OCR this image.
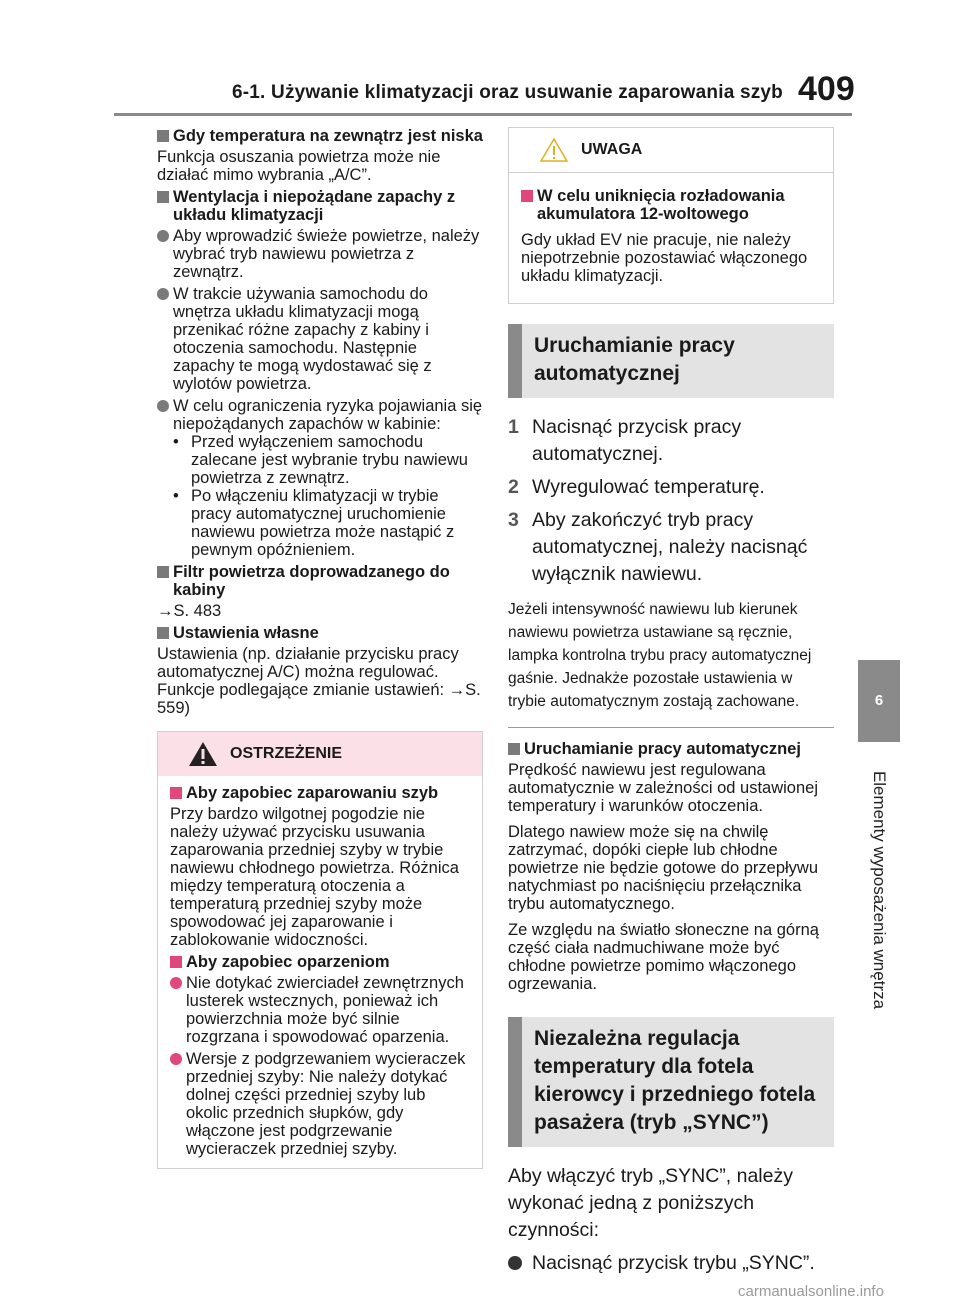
6-1. Używanie klimatyzacji oraz usuwanie zaparowania szyb 409
6
Elementy wyposażenia wnętrza
Gdy temperatura na zewnątrz jest niska
Funkcja osuszania powietrza może nie działać mimo wybrania „A/C”.
Wentylacja i niepożądane zapachy z układu klimatyzacji
Aby wprowadzić świeże powietrze, należy wybrać tryb nawiewu powietrza z zewnątrz.
W trakcie używania samochodu do wnętrza układu klimatyzacji mogą przenikać różne zapachy z kabiny i otoczenia samochodu. Następnie zapachy te mogą wydostawać się z wylotów powietrza.
W celu ograniczenia ryzyka pojawiania się niepożądanych zapachów w kabinie:
• Przed wyłączeniem samochodu zalecane jest wybranie trybu nawiewu powietrza z zewnątrz.
• Po włączeniu klimatyzacji w trybie pracy automatycznej uruchomienie nawiewu powietrza może nastąpić z pewnym opóźnieniem.
Filtr powietrza doprowadzanego do kabiny
→S. 483
Ustawienia własne
Ustawienia (np. działanie przycisku pracy automatycznej A/C) można regulować. Funkcje podlegające zmianie ustawień: →S. 559)
OSTRZEŻENIE
Aby zapobiec zaparowaniu szyb
Przy bardzo wilgotnej pogodzie nie należy używać przycisku usuwania zaparowania przedniej szyby w trybie nawiewu chłodnego powietrza. Różnica między temperaturą otoczenia a temperaturą przedniej szyby może spowodować jej zaparowanie i zablokowanie widoczności.
Aby zapobiec oparzeniom
Nie dotykać zwierciadeł zewnętrznych lusterek wstecznych, ponieważ ich powierzchnia może być silnie rozgrzana i spowodować oparzenia.
Wersje z podgrzewaniem wycieraczek przedniej szyby: Nie należy dotykać dolnej części przedniej szyby lub okolic przednich słupków, gdy włączone jest podgrzewanie wycieraczek przedniej szyby.
UWAGA
W celu uniknięcia rozładowania akumulatora 12-woltowego
Gdy układ EV nie pracuje, nie należy niepotrzebnie pozostawiać włączonego układu klimatyzacji.
Uruchamianie pracy automatycznej
1 Nacisnąć przycisk pracy automatycznej.
2 Wyregulować temperaturę.
3 Aby zakończyć tryb pracy automatycznej, należy nacisnąć wyłącznik nawiewu.
Jeżeli intensywność nawiewu lub kierunek nawiewu powietrza ustawiane są ręcznie, lampka kontrolna trybu pracy automatycznej gaśnie. Jednakże pozostałe ustawienia w trybie automatycznym zostają zachowane.
Uruchamianie pracy automatycznej
Prędkość nawiewu jest regulowana automatycznie w zależności od ustawionej temperatury i warunków otoczenia.
Dlatego nawiew może się na chwilę zatrzymać, dopóki ciepłe lub chłodne powietrze nie będzie gotowe do przepływu natychmiast po naciśnięciu przełącznika trybu automatycznego.
Ze względu na światło słoneczne na górną część ciała nadmuchiwane może być chłodne powietrze pomimo włączonego ogrzewania.
Niezależna regulacja temperatury dla fotela kierowcy i przedniego fotela pasażera (tryb „SYNC”)
Aby włączyć tryb „SYNC”, należy wykonać jedną z poniższych czynności:
Nacisnąć przycisk trybu „SYNC”.
carmanualsonline.info
